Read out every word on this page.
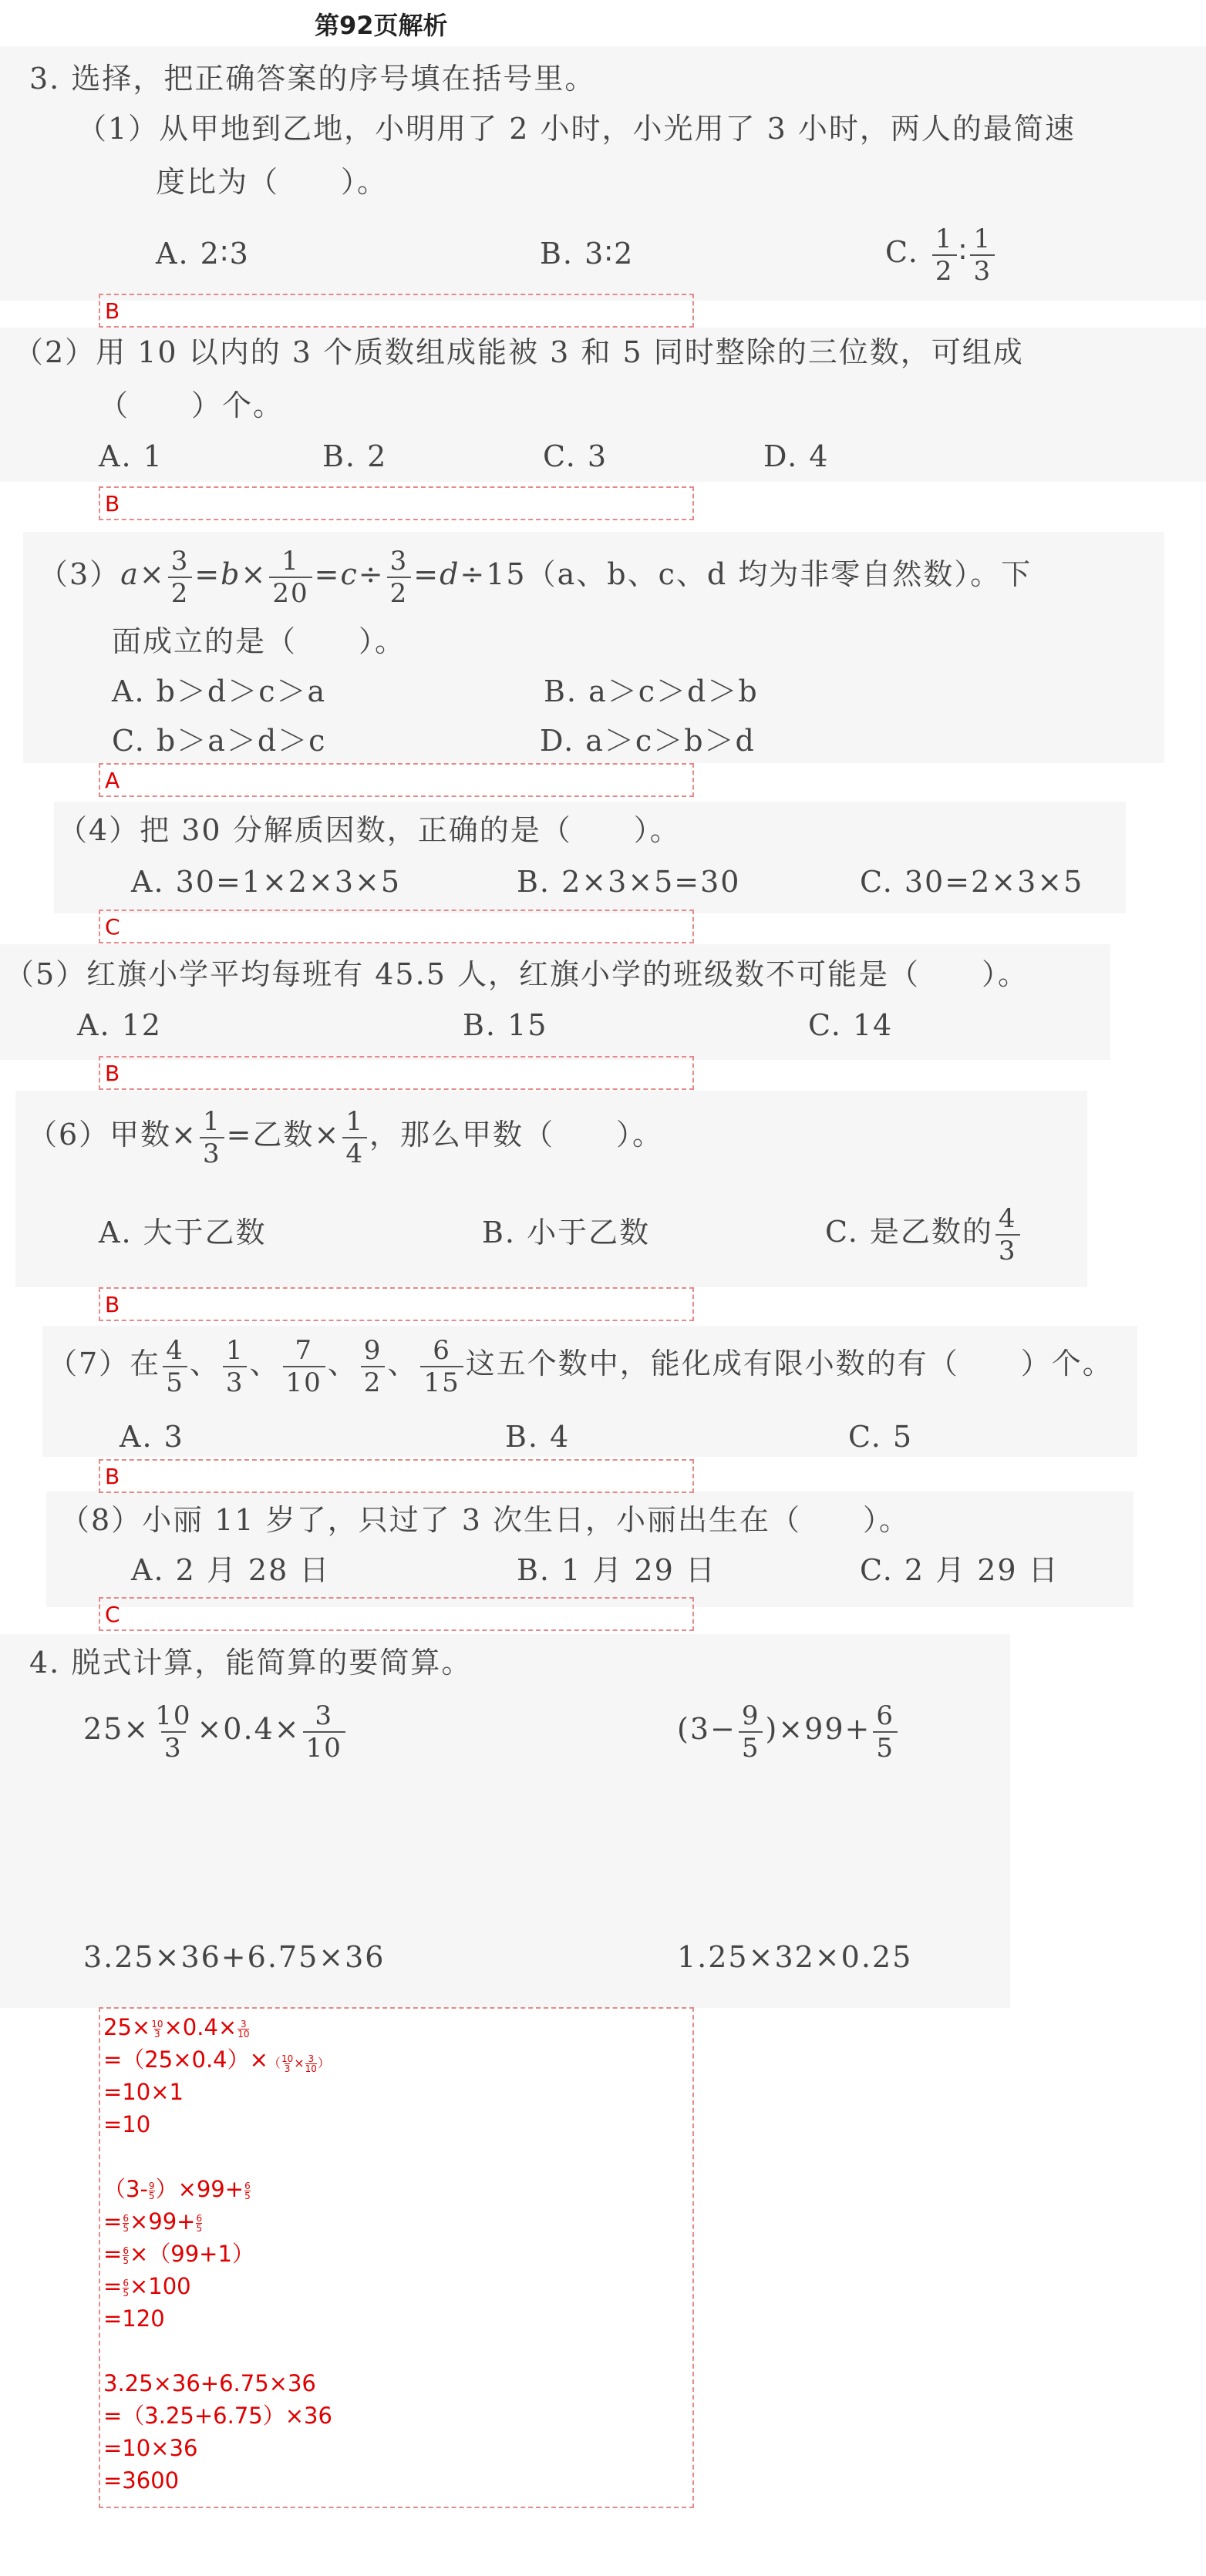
第92页解析
3. 选择，把正确答案的序号填在括号里。
（1）从甲地到乙地，小明用了 2 小时，小光用了 3 小时，两人的最简速
度比为（　　）。
A. 2∶3	B. 3∶2	C. $\frac{1}{2}$ ∶ $\frac{1}{3}$
B
（2）用 10 以内的 3 个质数组成能被 3 和 5 同时整除的三位数，可组成
（　　）个。
A. 1	B. 2	C. 3	D. 4
B
$(3)a\times \frac{3}{2} =b\times \frac{1}{20} =c\div \frac{3}{2} =d\div 15(a$、b、c、d 均为非零自然数）。下
面成立的是（　　）。
A. b＞d＞c＞a	B. a＞c＞d＞b
C. b＞a＞d＞c	D. a＞c＞b＞d
A
（4）把 30 分解质因数，正确的是（　　）。
A. 30=1×2×3×5	B. 2×3×5=30	C. 30=2×3×5
C
（5）红旗小学平均每班有 45.5 人，红旗小学的班级数不可能是（　　）。
A. 12	B. 15	C. 14
B
（6）甲数× $\frac{1}{3}$ =乙数× $\frac{1}{4}$ ，那么甲数（　　）。
A. 大于乙数	B. 小于乙数	C. 是乙数的 $\frac{4}{3}$
B
（7）在 $\frac{4}{5}$ 、 $\frac{1}{3}$ 、 $\frac{7}{10}$ 、 $\frac{9}{2}$ 、 $\frac{6}{15}$ 这五个数中，能化成有限小数的有（　　）个。
A. 3	B. 4	C. 5
B
（8）小丽 11 岁了，只过了 3 次生日，小丽出生在（　　）。
A. 2 月 28 日	B. 1 月 29 日	C. 2 月 29 日
C
4. 脱式计算，能简算的要简算。
$25\times \frac{10}{3} \times 0.4\times \frac{3}{10}$	$(3- \frac{9}{5} )\times 99+ \frac{6}{5}$
3.25×36+6.75×36	1.25×32×0.25
$25\times \frac{10}{3} \times 0.4\times \frac{3}{10}$
$=(25\times 0.4)\times( \frac{10}{3} \times \frac{3}{10}$ ）
=10×1
=10
$(3- \frac{9}{5} )\times 99+ \frac{6}{5}$
= $\frac{6}{5} \times 99+ \frac{6}{5}$
= $\frac{6}{5} \times(99+1)$
= $\frac{6}{5} \times 100$
=120
3.25×36+6.75×36
=（3.25+6.75）×36
=10×36
=3600
